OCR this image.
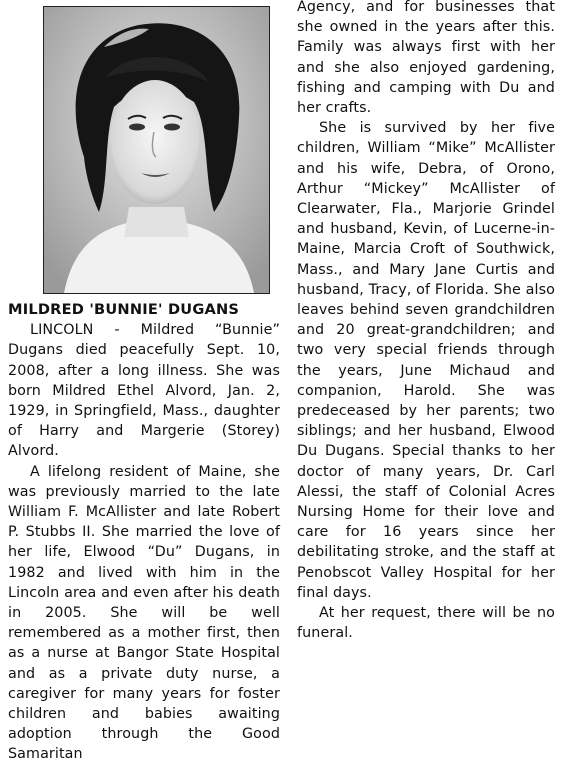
MILDRED 'BUNNIE' DUGANS

LINCOLN - Mildred “Bunnie” Dugans died peacefully Sept. 10, 2008, after a long illness. She was born Mildred Ethel Alvord, Jan. 2, 1929, in Springfield, Mass., daughter of Harry and Margerie (Storey) Alvord.

A lifelong resident of Maine, she was previously married to the late William F. McAllister and late Robert P. Stubbs II. She married the love of her life, Elwood “Du” Dugans, in 1982 and lived with him in the Lincoln area and even after his death in 2005. She will be well remembered as a mother first, then as a nurse at Bangor State Hospital and as a private duty nurse, a caregiver for many years for foster children and babies awaiting adoption through the Good Samaritan

Agency, and for businesses that she owned in the years after this. Family was always first with her and she also enjoyed gardening, fishing and camping with Du and her crafts.

She is survived by her five children, William “Mike” McAllister and his wife, Debra, of Orono, Arthur “Mickey” McAllister of Clearwater, Fla., Marjorie Grindel and husband, Kevin, of Lucerne-in-Maine, Marcia Croft of Southwick, Mass., and Mary Jane Curtis and husband, Tracy, of Florida. She also leaves behind seven grandchildren and 20 great-grandchildren; and two very special friends through the years, June Michaud and companion, Harold. She was predeceased by her parents; two siblings; and her husband, Elwood Du Dugans. Special thanks to her doctor of many years, Dr. Carl Alessi, the staff of Colonial Acres Nursing Home for their love and care for 16 years since her debilitating stroke, and the staff at Penobscot Valley Hospital for her final days.

At her request, there will be no funeral.
